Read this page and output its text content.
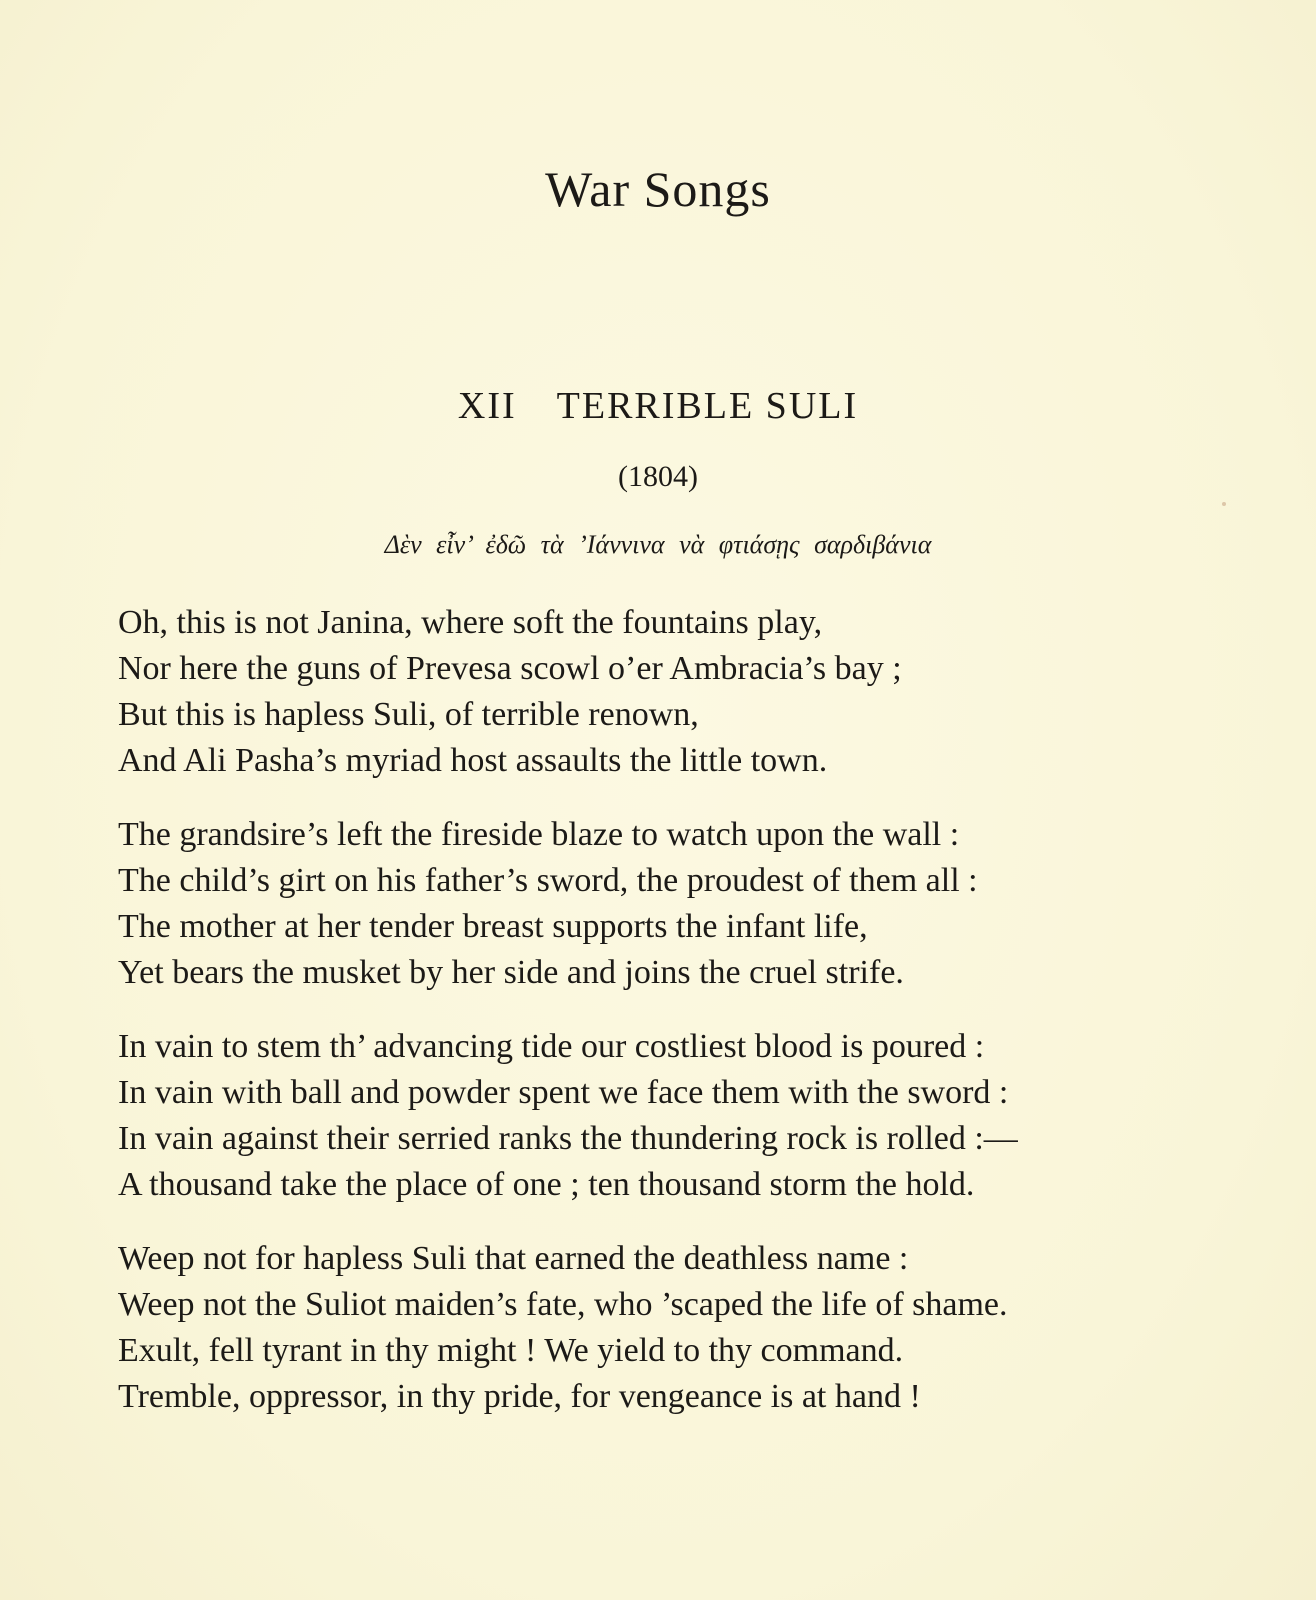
War Songs
XII TERRIBLE SULI
(1804)
Δὲν εἶν’ ἐδῶ τὰ ’Ιάννινα νὰ φτιάσῃς σαρδιβάνια
Oh, this is not Janina, where soft the fountains play,
Nor here the guns of Prevesa scowl o’er Ambracia’s bay ;
But this is hapless Suli, of terrible renown,
And Ali Pasha’s myriad host assaults the little town.
The grandsire’s left the fireside blaze to watch upon the wall :
The child’s girt on his father’s sword, the proudest of them all :
The mother at her tender breast supports the infant life,
Yet bears the musket by her side and joins the cruel strife.
In vain to stem th’ advancing tide our costliest blood is poured :
In vain with ball and powder spent we face them with the sword :
In vain against their serried ranks the thundering rock is rolled :—
A thousand take the place of one ; ten thousand storm the hold.
Weep not for hapless Suli that earned the deathless name :
Weep not the Suliot maiden’s fate, who ’scaped the life of shame.
Exult, fell tyrant in thy might ! We yield to thy command.
Tremble, oppressor, in thy pride, for vengeance is at hand !
